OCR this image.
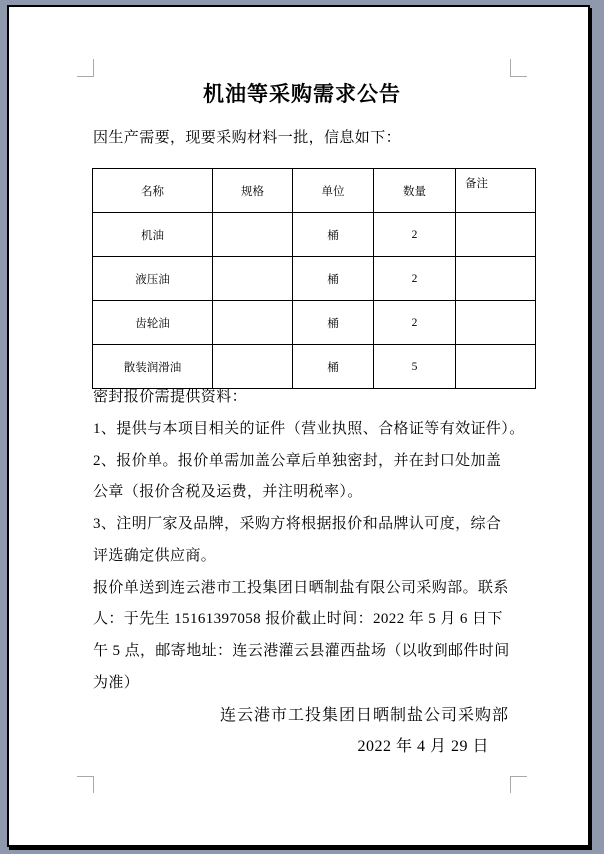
机油等采购需求公告
因生产需要，现要采购材料一批，信息如下：
名称	规格	单位	数量	备注
机油		桶	2	
液压油		桶	2	
齿轮油		桶	2	
散装润滑油		桶	5	
密封报价需提供资料：
1、提供与本项目相关的证件（营业执照、合格证等有效证件）。
2、报价单。报价单需加盖公章后单独密封，并在封口处加盖
公章（报价含税及运费，并注明税率）。
3、注明厂家及品牌，采购方将根据报价和品牌认可度，综合
评选确定供应商。
报价单送到连云港市工投集团日晒制盐有限公司采购部。联系
人：于先生 15161397058 报价截止时间：2022 年 5 月 6 日下
午 5 点，邮寄地址：连云港灌云县灌西盐场（以收到邮件时间
为准）
连云港市工投集团日晒制盐公司采购部
2022 年 4 月 29 日
